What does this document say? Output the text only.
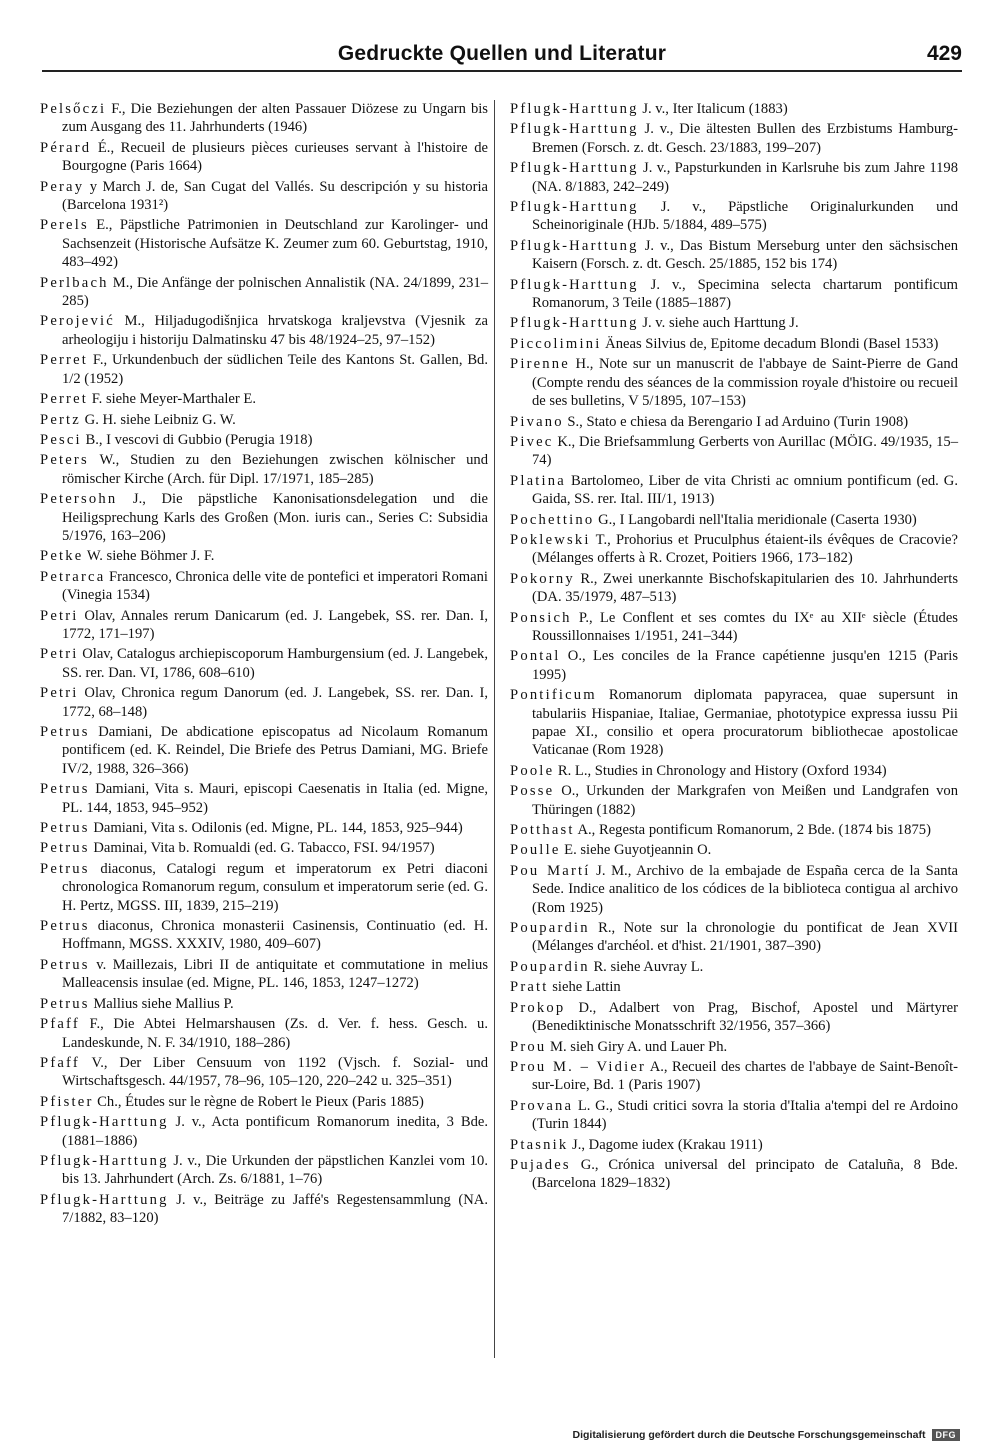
Gedruckte Quellen und Literatur	429
Pelsőczi F., Die Beziehungen der alten Passauer Diözese zu Ungarn bis zum Ausgang des 11. Jahrhunderts (1946)
Pérard É., Recueil de plusieurs pièces curieuses servant à l'histoire de Bourgogne (Paris 1664)
Peray y March J. de, San Cugat del Vallés. Su descripción y su historia (Barcelona 1931²)
Perels E., Päpstliche Patrimonien in Deutschland zur Karolinger- und Sachsenzeit (Historische Aufsätze K. Zeumer zum 60. Geburtstag, 1910, 483–492)
Perlbach M., Die Anfänge der polnischen Annalistik (NA. 24/1899, 231–285)
Perojević M., Hiljadugodišnjica hrvatskoga kraljevstva (Vjesnik za arheologiju i historiju Dalmatinsku 47 bis 48/1924–25, 97–152)
Perret F., Urkundenbuch der südlichen Teile des Kantons St. Gallen, Bd. 1/2 (1952)
Perret F. siehe Meyer-Marthaler E.
Pertz G. H. siehe Leibniz G. W.
Pesci B., I vescovi di Gubbio (Perugia 1918)
Peters W., Studien zu den Beziehungen zwischen kölnischer und römischer Kirche (Arch. für Dipl. 17/1971, 185–285)
Petersohn J., Die päpstliche Kanonisationsdelegation und die Heiligsprechung Karls des Großen (Mon. iuris can., Series C: Subsidia 5/1976, 163–206)
Petke W. siehe Böhmer J. F.
Petrarca Francesco, Chronica delle vite de pontefici et imperatori Romani (Vinegia 1534)
Petri Olav, Annales rerum Danicarum (ed. J. Langebek, SS. rer. Dan. I, 1772, 171–197)
Petri Olav, Catalogus archiepiscoporum Hamburgensium (ed. J. Langebek, SS. rer. Dan. VI, 1786, 608–610)
Petri Olav, Chronica regum Danorum (ed. J. Langebek, SS. rer. Dan. I, 1772, 68–148)
Petrus Damiani, De abdicatione episcopatus ad Nicolaum Romanum pontificem (ed. K. Reindel, Die Briefe des Petrus Damiani, MG. Briefe IV/2, 1988, 326–366)
Petrus Damiani, Vita s. Mauri, episcopi Caesenatis in Italia (ed. Migne, PL. 144, 1853, 945–952)
Petrus Damiani, Vita s. Odilonis (ed. Migne, PL. 144, 1853, 925–944)
Petrus Daminai, Vita b. Romualdi (ed. G. Tabacco, FSI. 94/1957)
Petrus diaconus, Catalogi regum et imperatorum ex Petri diaconi chronologica Romanorum regum, consulum et imperatorum serie (ed. G. H. Pertz, MGSS. III, 1839, 215–219)
Petrus diaconus, Chronica monasterii Casinensis, Continuatio (ed. H. Hoffmann, MGSS. XXXIV, 1980, 409–607)
Petrus v. Maillezais, Libri II de antiquitate et commutatione in melius Malleacensis insulae (ed. Migne, PL. 146, 1853, 1247–1272)
Petrus Mallius siehe Mallius P.
Pfaff F., Die Abtei Helmarshausen (Zs. d. Ver. f. hess. Gesch. u. Landeskunde, N. F. 34/1910, 188–286)
Pfaff V., Der Liber Censuum von 1192 (Vjsch. f. Sozial- und Wirtschaftsgesch. 44/1957, 78–96, 105–120, 220–242 u. 325–351)
Pfister Ch., Études sur le règne de Robert le Pieux (Paris 1885)
Pflugk-Harttung J. v., Acta pontificum Romanorum inedita, 3 Bde. (1881–1886)
Pflugk-Harttung J. v., Die Urkunden der päpstlichen Kanzlei vom 10. bis 13. Jahrhundert (Arch. Zs. 6/1881, 1–76)
Pflugk-Harttung J. v., Beiträge zu Jaffé's Regestensammlung (NA. 7/1882, 83–120)
Pflugk-Harttung J. v., Iter Italicum (1883)
Pflugk-Harttung J. v., Die ältesten Bullen des Erzbistums Hamburg-Bremen (Forsch. z. dt. Gesch. 23/1883, 199–207)
Pflugk-Harttung J. v., Papsturkunden in Karlsruhe bis zum Jahre 1198 (NA. 8/1883, 242–249)
Pflugk-Harttung J. v., Päpstliche Originalurkunden und Scheinoriginale (HJb. 5/1884, 489–575)
Pflugk-Harttung J. v., Das Bistum Merseburg unter den sächsischen Kaisern (Forsch. z. dt. Gesch. 25/1885, 152 bis 174)
Pflugk-Harttung J. v., Specimina selecta chartarum pontificum Romanorum, 3 Teile (1885–1887)
Pflugk-Harttung J. v. siehe auch Harttung J.
Piccolimini Äneas Silvius de, Epitome decadum Blondi (Basel 1533)
Pirenne H., Note sur un manuscrit de l'abbaye de Saint-Pierre de Gand (Compte rendu des séances de la commission royale d'histoire ou recueil de ses bulletins, V 5/1895, 107–153)
Pivano S., Stato e chiesa da Berengario I ad Arduino (Turin 1908)
Pivec K., Die Briefsammlung Gerberts von Aurillac (MÖIG. 49/1935, 15–74)
Platina Bartolomeo, Liber de vita Christi ac omnium pontificum (ed. G. Gaida, SS. rer. Ital. III/1, 1913)
Pochettino G., I Langobardi nell'Italia meridionale (Caserta 1930)
Poklewski T., Prohorius et Pruculphus étaient-ils évêques de Cracovie? (Mélanges offerts à R. Crozet, Poitiers 1966, 173–182)
Pokorny R., Zwei unerkannte Bischofskapitularien des 10. Jahrhunderts (DA. 35/1979, 487–513)
Ponsich P., Le Conflent et ses comtes du IXᵉ au XIIᵉ siècle (Études Roussillonnaises 1/1951, 241–344)
Pontal O., Les conciles de la France capétienne jusqu'en 1215 (Paris 1995)
Pontificum Romanorum diplomata papyracea, quae supersunt in tabulariis Hispaniae, Italiae, Germaniae, phototypice expressa iussu Pii papae XI., consilio et opera procuratorum bibliothecae apostolicae Vaticanae (Rom 1928)
Poole R. L., Studies in Chronology and History (Oxford 1934)
Posse O., Urkunden der Markgrafen von Meißen und Landgrafen von Thüringen (1882)
Potthast A., Regesta pontificum Romanorum, 2 Bde. (1874 bis 1875)
Poulle E. siehe Guyotjeannin O.
Pou Martí J. M., Archivo de la embajade de España cerca de la Santa Sede. Indice analitico de los códices de la biblioteca contigua al archivo (Rom 1925)
Poupardin R., Note sur la chronologie du pontificat de Jean XVII (Mélanges d'archéol. et d'hist. 21/1901, 387–390)
Poupardin R. siehe Auvray L.
Pratt siehe Lattin
Prokop D., Adalbert von Prag, Bischof, Apostel und Märtyrer (Benediktinische Monatsschrift 32/1956, 357–366)
Prou M. sieh Giry A. und Lauer Ph.
Prou M. – Vidier A., Recueil des chartes de l'abbaye de Saint-Benoît-sur-Loire, Bd. 1 (Paris 1907)
Provana L. G., Studi critici sovra la storia d'Italia a'tempi del re Ardoino (Turin 1844)
Ptasnik J., Dagome iudex (Krakau 1911)
Pujades G., Crónica universal del principato de Cataluña, 8 Bde. (Barcelona 1829–1832)
Digitalisierung gefördert durch die Deutsche Forschungsgemeinschaft	DFG
